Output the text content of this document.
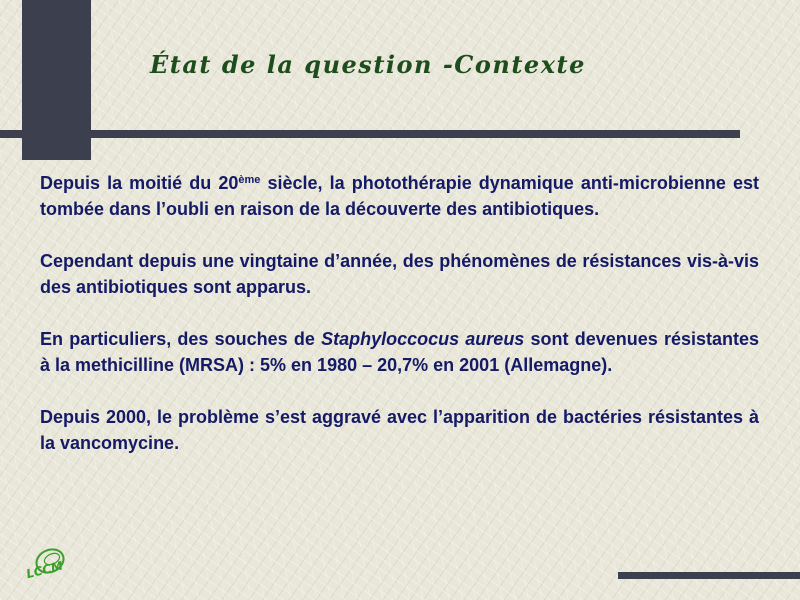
État de la question -Contexte

Depuis la moitié du 20ème siècle, la photothérapie dynamique anti-microbienne est tombée dans l’oubli en raison de la découverte des antibiotiques.

Cependant depuis une vingtaine d’année, des phénomènes de résistances vis-à-vis des antibiotiques sont apparus.

En particuliers, des souches de Staphyloccocus aureus sont devenues résistantes à la methicilline (MRSA) : 5% en 1980 – 20,7% en 2001 (Allemagne).

Depuis 2000, le problème s’est aggravé avec l’apparition de bactéries résistantes à la vancomycine.

LCCM
